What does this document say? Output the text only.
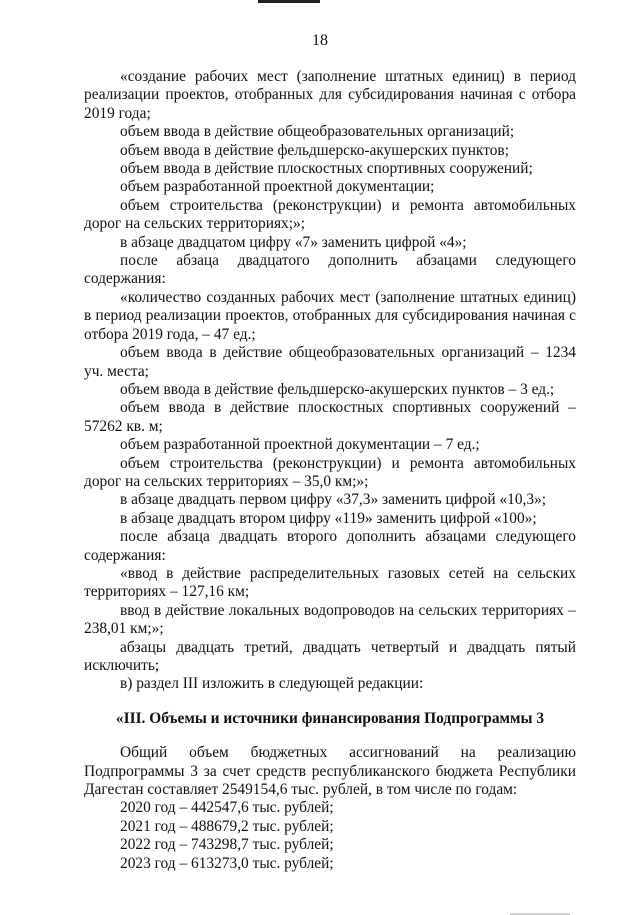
18

«создание рабочих мест (заполнение штатных единиц) в период реализации проектов, отобранных для субсидирования начиная с отбора 2019 года;

объем ввода в действие общеобразовательных организаций;

объем ввода в действие фельдшерско-акушерских пунктов;

объем ввода в действие плоскостных спортивных сооружений;

объем разработанной проектной документации;

объем строительства (реконструкции) и ремонта автомобильных дорог на сельских территориях;»;

в абзаце двадцатом цифру «7» заменить цифрой «4»;

после абзаца двадцатого дополнить абзацами следующего содержания:

«количество созданных рабочих мест (заполнение штатных единиц) в период реализации проектов, отобранных для субсидирования начиная с отбора 2019 года, – 47 ед.;

объем ввода в действие общеобразовательных организаций – 1234 уч. места;

объем ввода в действие фельдшерско-акушерских пунктов – 3 ед.;

объем ввода в действие плоскостных спортивных сооружений – 57262 кв. м;

объем разработанной проектной документации – 7 ед.;

объем строительства (реконструкции) и ремонта автомобильных дорог на сельских территориях – 35,0 км;»;

в абзаце двадцать первом цифру «37,3» заменить цифрой «10,3»;

в абзаце двадцать втором цифру «119» заменить цифрой «100»;

после абзаца двадцать второго дополнить абзацами следующего содержания:

«ввод в действие распределительных газовых сетей на сельских территориях – 127,16 км;

ввод в действие локальных водопроводов на сельских территориях – 238,01 км;»;

абзацы двадцать третий, двадцать четвертый и двадцать пятый исключить;

в) раздел III изложить в следующей редакции:

«III. Объемы и источники финансирования Подпрограммы 3

Общий объем бюджетных ассигнований на реализацию Подпрограммы 3 за счет средств республиканского бюджета Республики Дагестан составляет 2549154,6 тыс. рублей, в том числе по годам:

2020 год – 442547,6 тыс. рублей;

2021 год – 488679,2 тыс. рублей;

2022 год – 743298,7 тыс. рублей;

2023 год – 613273,0 тыс. рублей;
